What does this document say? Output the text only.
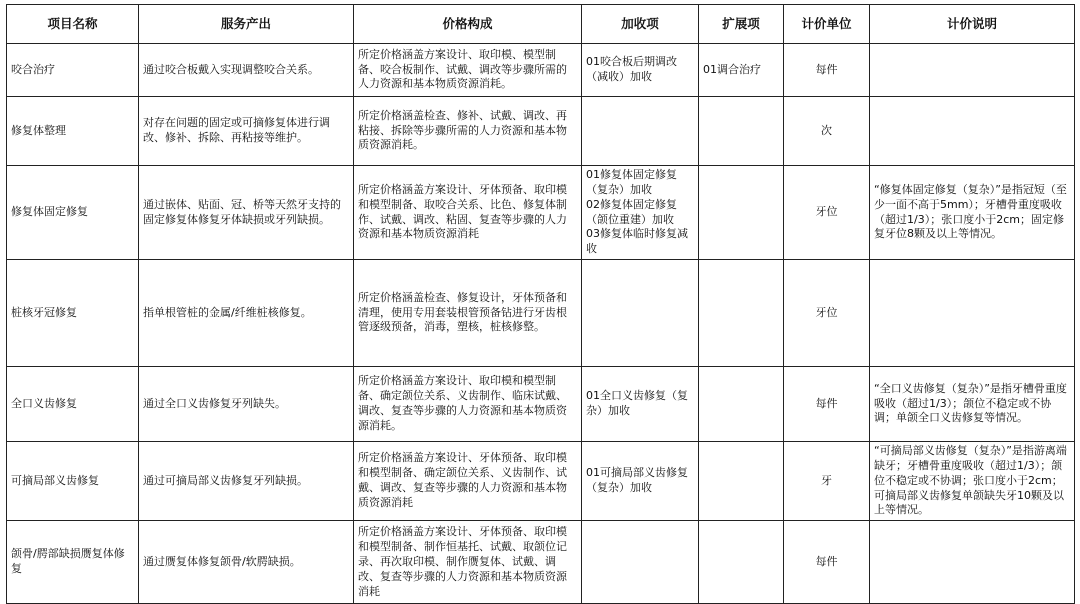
项目名称	服务产出	价格构成	加收项	扩展项	计价单位	计价说明
咬合治疗	通过咬合板戴入实现调整咬合关系。	所定价格涵盖方案设计、取印模、模型制备、咬合板制作、试戴、调改等步骤所需的人力资源和基本物质资源消耗。	01咬合板后期调改（减收）加收	01调合治疗	每件	
修复体整理	对存在问题的固定或可摘修复体进行调改、修补、拆除、再粘接等维护。	所定价格涵盖检查、修补、试戴、调改、再粘接、拆除等步骤所需的人力资源和基本物质资源消耗。			次	
修复体固定修复	通过嵌体、贴面、冠、桥等天然牙支持的固定修复体修复牙体缺损或牙列缺损。	所定价格涵盖方案设计、牙体预备、取印模和模型制备、取咬合关系、比色、修复体制作、试戴、调改、粘固、复查等步骤的人力资源和基本物质资源消耗	01修复体固定修复（复杂）加收
02修复体固定修复（颌位重建）加收
03修复体临时修复减收		牙位	“修复体固定修复（复杂）”是指冠短（至少一面不高于5mm）；牙槽骨重度吸收（超过1/3）；张口度小于2cm；固定修复牙位8颗及以上等情况。
桩核牙冠修复	指单根管桩的金属/纤维桩核修复。	所定价格涵盖检查、修复设计，牙体预备和清理，使用专用套装根管预备钻进行牙齿根管逐级预备，消毒，塑核，桩核修整。			牙位	
全口义齿修复	通过全口义齿修复牙列缺失。	所定价格涵盖方案设计、取印模和模型制备、确定颌位关系、义齿制作、临床试戴、调改、复查等步骤的人力资源和基本物质资源消耗。	01全口义齿修复（复杂）加收		每件	“全口义齿修复（复杂）”是指牙槽骨重度吸收（超过1/3）；颌位不稳定或不协调；单颌全口义齿修复等情况。
可摘局部义齿修复	通过可摘局部义齿修复牙列缺损。	所定价格涵盖方案设计、牙体预备、取印模和模型制备、确定颌位关系、义齿制作、试戴、调改、复查等步骤的人力资源和基本物质资源消耗	01可摘局部义齿修复（复杂）加收		牙	“可摘局部义齿修复（复杂）”是指游离端缺牙；牙槽骨重度吸收（超过1/3）；颌位不稳定或不协调；张口度小于2cm；可摘局部义齿修复单颌缺失牙10颗及以上等情况。
颌骨/腭部缺损赝复体修复	通过赝复体修复颌骨/软腭缺损。	所定价格涵盖方案设计、牙体预备、取印模和模型制备、制作恒基托、试戴、取颌位记录、再次取印模、制作赝复体、试戴、调改、复查等步骤的人力资源和基本物质资源消耗			每件	
